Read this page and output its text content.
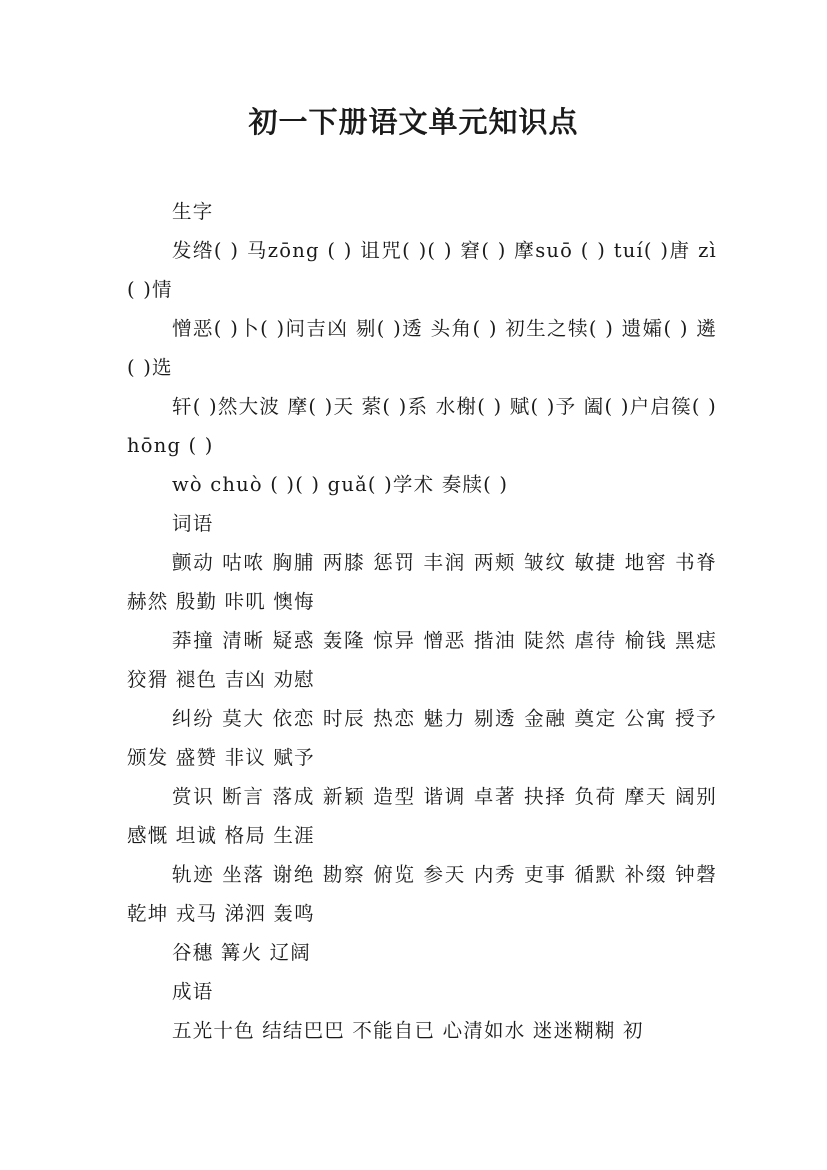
初一下册语文单元知识点

生字

发绺( ) 马zōng ( ) 诅咒( )( ) 窘( ) 摩suō ( ) tuí( )唐 zì( )情

憎恶( )卜( )问吉凶 剔( )透 头角( ) 初生之犊( ) 遗孀( ) 遴( )选

轩( )然大波 摩( )天 萦( )系 水榭( ) 赋( )予 阖( )户启篌( ) hōng ( )

wò chuò ( )( ) guǎ( )学术 奏牍( )

词语

颤动 咕哝 胸脯 两膝 惩罚 丰润 两颊 皱纹 敏捷 地窖 书脊 赫然 殷勤 咔叽 懊悔

莽撞 清晰 疑惑 轰隆 惊异 憎恶 揩油 陡然 虐待 榆钱 黑痣 狡猾 褪色 吉凶 劝慰

纠纷 莫大 依恋 时辰 热恋 魅力 剔透 金融 奠定 公寓 授予 颁发 盛赞 非议 赋予

赏识 断言 落成 新颖 造型 谐调 卓著 抉择 负荷 摩天 阔别 感慨 坦诚 格局 生涯

轨迹 坐落 谢绝 勘察 俯览 参天 内秀 吏事 循默 补缀 钟磬 乾坤 戎马 涕泗 轰鸣

谷穗 篝火 辽阔

成语

五光十色 结结巴巴 不能自已 心清如水 迷迷糊糊 初
